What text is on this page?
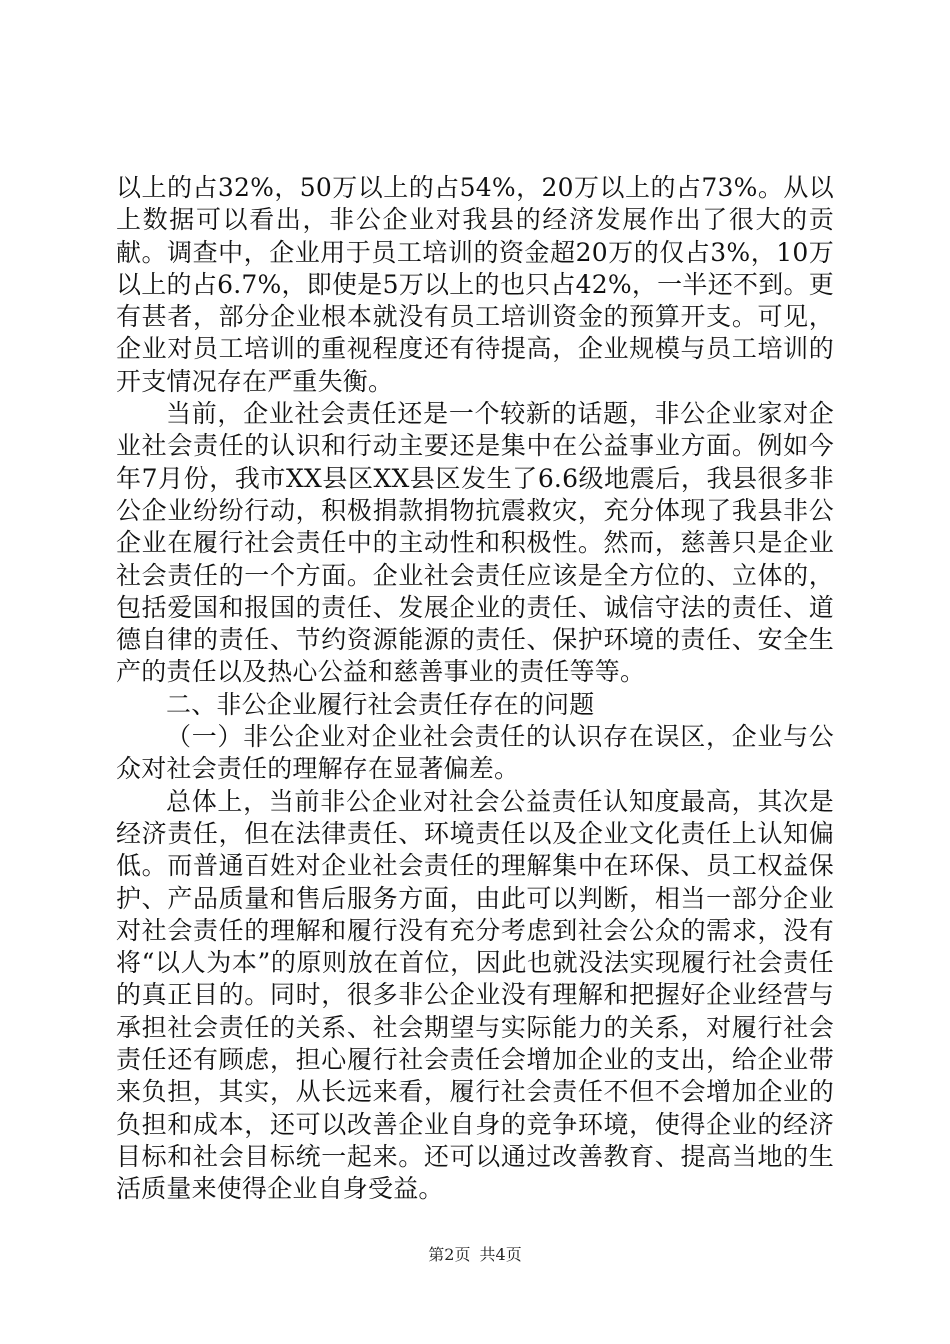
以上的占32%，50万以上的占54%，20万以上的占73%。从以上数据可以看出，非公企业对我县的经济发展作出了很大的贡献。调查中，企业用于员工培训的资金超20万的仅占3%，10万以上的占6.7%，即使是5万以上的也只占42%，一半还不到。更有甚者，部分企业根本就没有员工培训资金的预算开支。可见，企业对员工培训的重视程度还有待提高，企业规模与员工培训的开支情况存在严重失衡。

当前，企业社会责任还是一个较新的话题，非公企业家对企业社会责任的认识和行动主要还是集中在公益事业方面。例如今年7月份，我市XX县区XX县区发生了6.6级地震后，我县很多非公企业纷纷行动，积极捐款捐物抗震救灾，充分体现了我县非公企业在履行社会责任中的主动性和积极性。然而，慈善只是企业社会责任的一个方面。企业社会责任应该是全方位的、立体的，包括爱国和报国的责任、发展企业的责任、诚信守法的责任、道德自律的责任、节约资源能源的责任、保护环境的责任、安全生产的责任以及热心公益和慈善事业的责任等等。

二、非公企业履行社会责任存在的问题

（一）非公企业对企业社会责任的认识存在误区，企业与公众对社会责任的理解存在显著偏差。

总体上，当前非公企业对社会公益责任认知度最高，其次是经济责任，但在法律责任、环境责任以及企业文化责任上认知偏低。而普通百姓对企业社会责任的理解集中在环保、员工权益保护、产品质量和售后服务方面，由此可以判断，相当一部分企业对社会责任的理解和履行没有充分考虑到社会公众的需求，没有将“以人为本”的原则放在首位，因此也就没法实现履行社会责任的真正目的。同时，很多非公企业没有理解和把握好企业经营与承担社会责任的关系、社会期望与实际能力的关系，对履行社会责任还有顾虑，担心履行社会责任会增加企业的支出，给企业带来负担，其实，从长远来看，履行社会责任不但不会增加企业的负担和成本，还可以改善企业自身的竞争环境，使得企业的经济目标和社会目标统一起来。还可以通过改善教育、提高当地的生活质量来使得企业自身受益。

第2页 共4页
